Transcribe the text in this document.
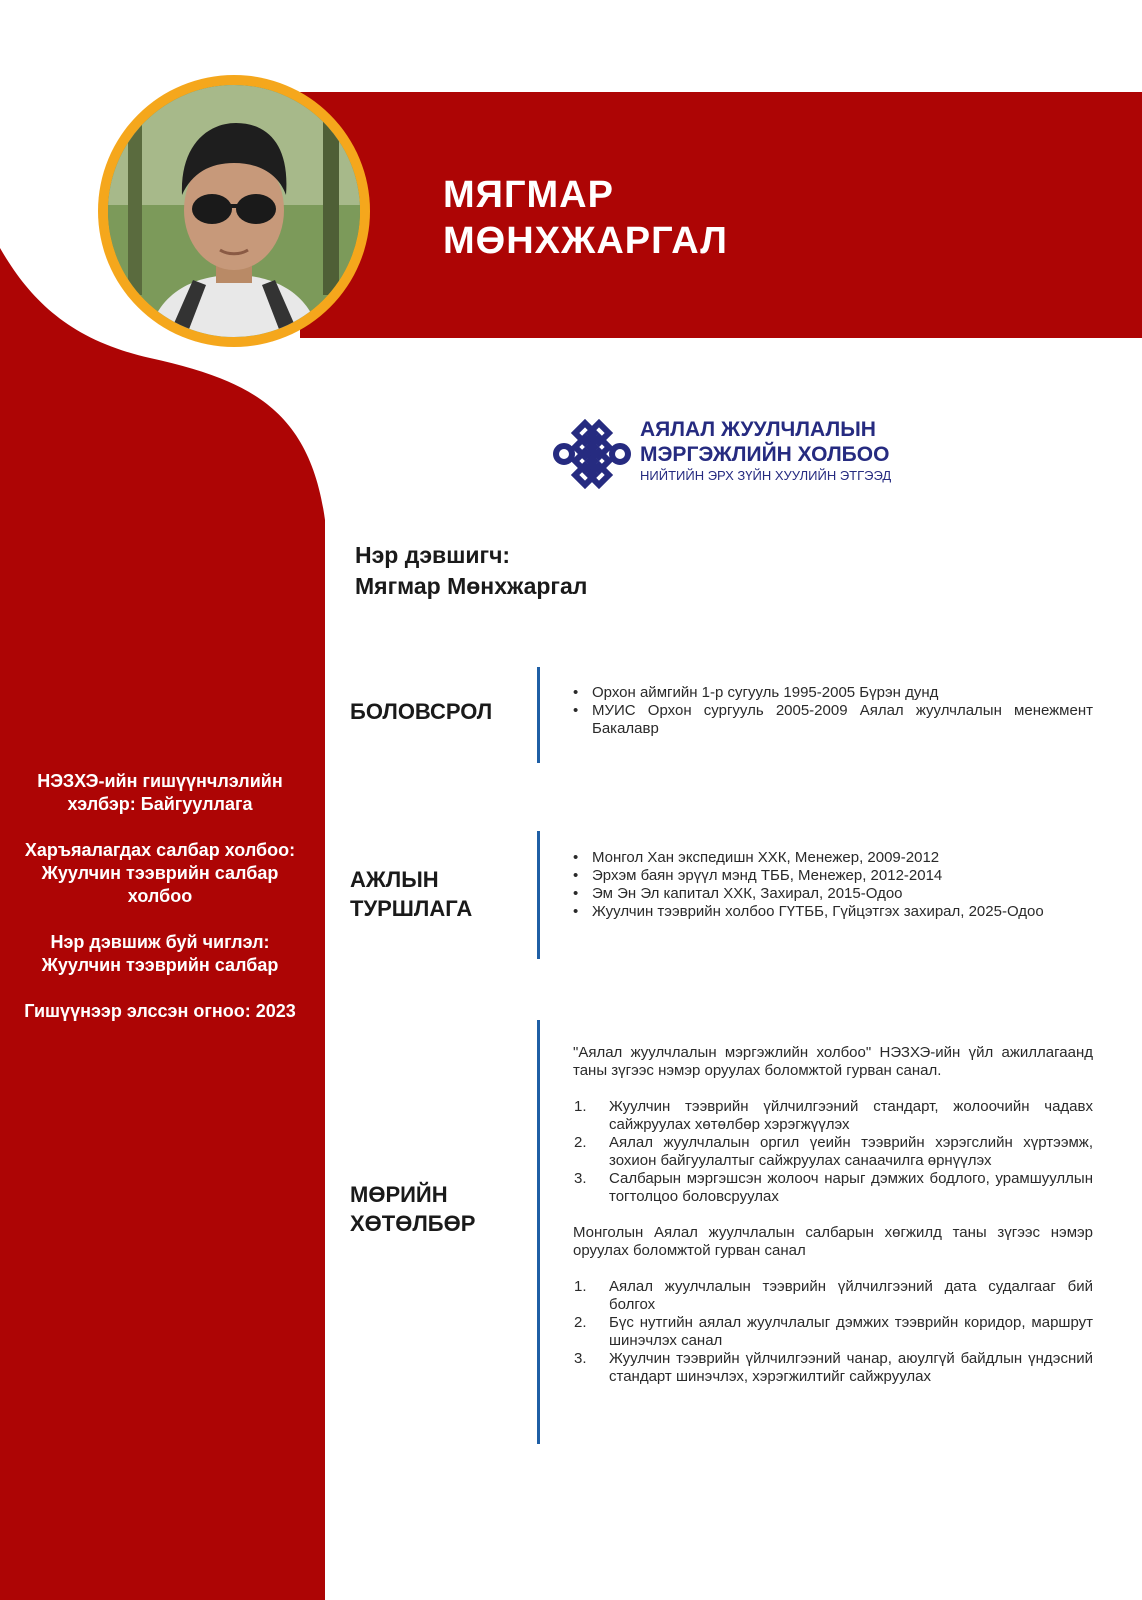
МЯГМАР
МӨНХЖАРГАЛ
АЯЛАЛ ЖУУЛЧЛАЛЫН
МЭРГЭЖЛИЙН ХОЛБОО
НИЙТИЙН ЭРХ ЗҮЙН ХУУЛИЙН ЭТГЭЭД
Нэр дэвшигч:
Мягмар Мөнхжаргал

НЭЗХЭ-ийн гишүүнчлэлийн хэлбэр: Байгууллага

Харъяалагдах салбар холбоо: Жуулчин тээврийн салбар холбоо

Нэр дэвшиж буй чиглэл: Жуулчин тээврийн салбар

Гишүүнээр элссэн огноо: 2023

БОЛОВСРОЛ
• Орхон аймгийн 1-р сугууль 1995-2005 Бүрэн дунд
• МУИС Орхон сургууль 2005-2009 Аялал жуулчлалын менежмент Бакалавр
АЖЛЫН
ТУРШЛАГА
• Монгол Хан экспедишн ХХК, Менежер, 2009-2012
• Эрхэм баян эрүүл мэнд ТББ, Менежер, 2012-2014
• Эм Эн Эл капитал ХХК, Захирал, 2015-Одоо
• Жуулчин тээврийн холбоо ГҮТББ, Гүйцэтгэх захирал, 2025-Одоо
МӨРИЙН
ХӨТӨЛБӨР

"Аялал жуулчлалын мэргэжлийн холбоо" НЭЗХЭ-ийн үйл ажиллагаанд таны зүгээс нэмэр оруулах боломжтой гурван санал.

1. Жуулчин тээврийн үйлчилгээний стандарт, жолоочийн чадавх сайжруулах хөтөлбөр хэрэгжүүлэх
2. Аялал жуулчлалын оргил үеийн тээврийн хэрэгслийн хүртээмж, зохион байгуулалтыг сайжруулах санаачилга өрнүүлэх
3. Салбарын мэргэшсэн жолооч нарыг дэмжих бодлого, урамшууллын тогтолцоо боловсруулах

Монголын Аялал жуулчлалын салбарын хөгжилд таны зүгээс нэмэр оруулах боломжтой гурван санал

1. Аялал жуулчлалын тээврийн үйлчилгээний дата судалгааг бий болгох
2. Бүс нутгийн аялал жуулчлалыг дэмжих тээврийн коридор, маршрут шинэчлэх санал
3. Жуулчин тээврийн үйлчилгээний чанар, аюулгүй байдлын үндэсний стандарт шинэчлэх, хэрэгжилтийг сайжруулах
